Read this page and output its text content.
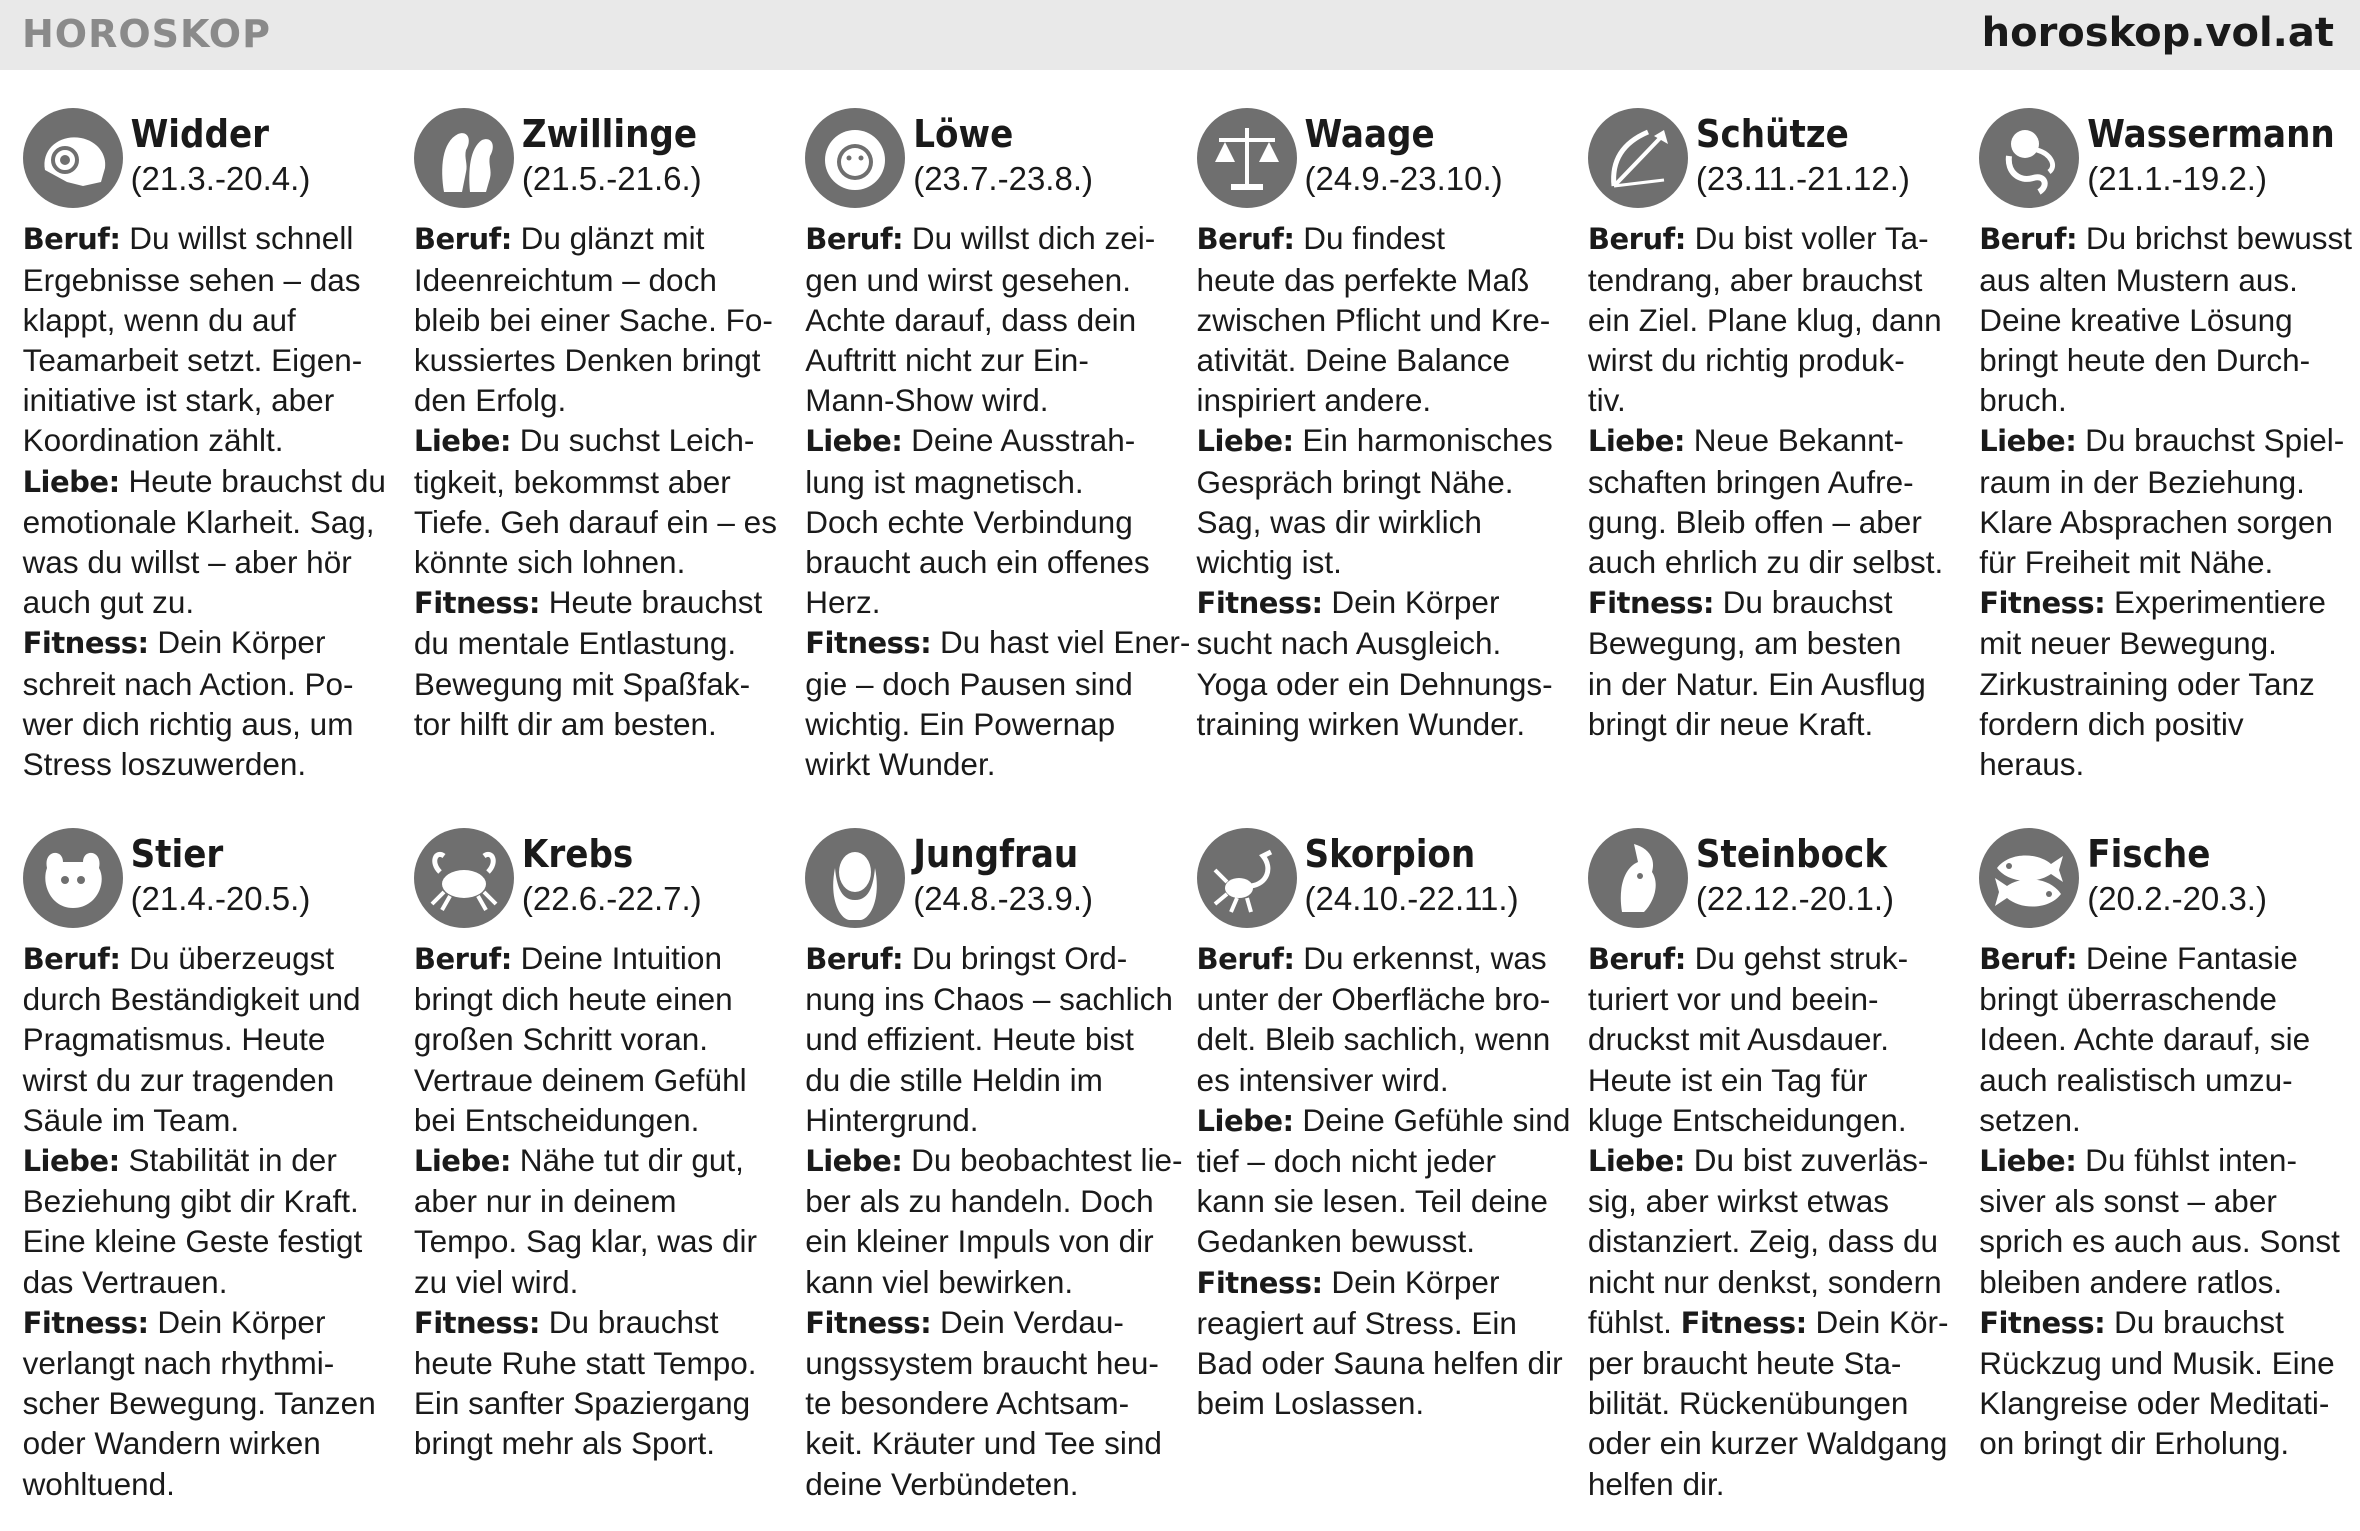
HOROSKOP	horoskop.vol.at
Widder
(21.3.-20.4.)
Beruf: Du willst schnell
Ergebnisse sehen – das
klappt, wenn du auf
Teamarbeit setzt. Eigen-
initiative ist stark, aber
Koordination zählt.
Liebe: Heute brauchst du
emotionale Klarheit. Sag,
was du willst – aber hör
auch gut zu.
Fitness: Dein Körper
schreit nach Action. Po-
wer dich richtig aus, um
Stress loszuwerden.
Zwillinge
(21.5.-21.6.)
Beruf: Du glänzt mit
Ideenreichtum – doch
bleib bei einer Sache. Fo-
kussiertes Denken bringt
den Erfolg.
Liebe: Du suchst Leich-
tigkeit, bekommst aber
Tiefe. Geh darauf ein – es
könnte sich lohnen.
Fitness: Heute brauchst
du mentale Entlastung.
Bewegung mit Spaßfak-
tor hilft dir am besten.
Löwe
(23.7.-23.8.)
Beruf: Du willst dich zei-
gen und wirst gesehen.
Achte darauf, dass dein
Auftritt nicht zur Ein-
Mann-Show wird.
Liebe: Deine Ausstrah-
lung ist magnetisch.
Doch echte Verbindung
braucht auch ein offenes
Herz.
Fitness: Du hast viel Ener-
gie – doch Pausen sind
wichtig. Ein Powernap
wirkt Wunder.
Waage
(24.9.-23.10.)
Beruf: Du findest
heute das perfekte Maß
zwischen Pflicht und Kre-
ativität. Deine Balance
inspiriert andere.
Liebe: Ein harmonisches
Gespräch bringt Nähe.
Sag, was dir wirklich
wichtig ist.
Fitness: Dein Körper
sucht nach Ausgleich.
Yoga oder ein Dehnungs-
training wirken Wunder.
Schütze
(23.11.-21.12.)
Beruf: Du bist voller Ta-
tendrang, aber brauchst
ein Ziel. Plane klug, dann
wirst du richtig produk-
tiv.
Liebe: Neue Bekannt-
schaften bringen Aufre-
gung. Bleib offen – aber
auch ehrlich zu dir selbst.
Fitness: Du brauchst
Bewegung, am besten
in der Natur. Ein Ausflug
bringt dir neue Kraft.
Wassermann
(21.1.-19.2.)
Beruf: Du brichst bewusst
aus alten Mustern aus.
Deine kreative Lösung
bringt heute den Durch-
bruch.
Liebe: Du brauchst Spiel-
raum in der Beziehung.
Klare Absprachen sorgen
für Freiheit mit Nähe.
Fitness: Experimentiere
mit neuer Bewegung.
Zirkustraining oder Tanz
fordern dich positiv
heraus.
Stier
(21.4.-20.5.)
Beruf: Du überzeugst
durch Beständigkeit und
Pragmatismus. Heute
wirst du zur tragenden
Säule im Team.
Liebe: Stabilität in der
Beziehung gibt dir Kraft.
Eine kleine Geste festigt
das Vertrauen.
Fitness: Dein Körper
verlangt nach rhythmi-
scher Bewegung. Tanzen
oder Wandern wirken
wohltuend.
Krebs
(22.6.-22.7.)
Beruf: Deine Intuition
bringt dich heute einen
großen Schritt voran.
Vertraue deinem Gefühl
bei Entscheidungen.
Liebe: Nähe tut dir gut,
aber nur in deinem
Tempo. Sag klar, was dir
zu viel wird.
Fitness: Du brauchst
heute Ruhe statt Tempo.
Ein sanfter Spaziergang
bringt mehr als Sport.
Jungfrau
(24.8.-23.9.)
Beruf: Du bringst Ord-
nung ins Chaos – sachlich
und effizient. Heute bist
du die stille Heldin im
Hintergrund.
Liebe: Du beobachtest lie-
ber als zu handeln. Doch
ein kleiner Impuls von dir
kann viel bewirken.
Fitness: Dein Verdau-
ungssystem braucht heu-
te besondere Achtsam-
keit. Kräuter und Tee sind
deine Verbündeten.
Skorpion
(24.10.-22.11.)
Beruf: Du erkennst, was
unter der Oberfläche bro-
delt. Bleib sachlich, wenn
es intensiver wird.
Liebe: Deine Gefühle sind
tief – doch nicht jeder
kann sie lesen. Teil deine
Gedanken bewusst.
Fitness: Dein Körper
reagiert auf Stress. Ein
Bad oder Sauna helfen dir
beim Loslassen.
Steinbock
(22.12.-20.1.)
Beruf: Du gehst struk-
turiert vor und beein-
druckst mit Ausdauer.
Heute ist ein Tag für
kluge Entscheidungen.
Liebe: Du bist zuverläs-
sig, aber wirkst etwas
distanziert. Zeig, dass du
nicht nur denkst, sondern
fühlst. Fitness: Dein Kör-
per braucht heute Sta-
bilität. Rückenübungen
oder ein kurzer Waldgang
helfen dir.
Fische
(20.2.-20.3.)
Beruf: Deine Fantasie
bringt überraschende
Ideen. Achte darauf, sie
auch realistisch umzu-
setzen.
Liebe: Du fühlst inten-
siver als sonst – aber
sprich es auch aus. Sonst
bleiben andere ratlos.
Fitness: Du brauchst
Rückzug und Musik. Eine
Klangreise oder Meditati-
on bringt dir Erholung.
